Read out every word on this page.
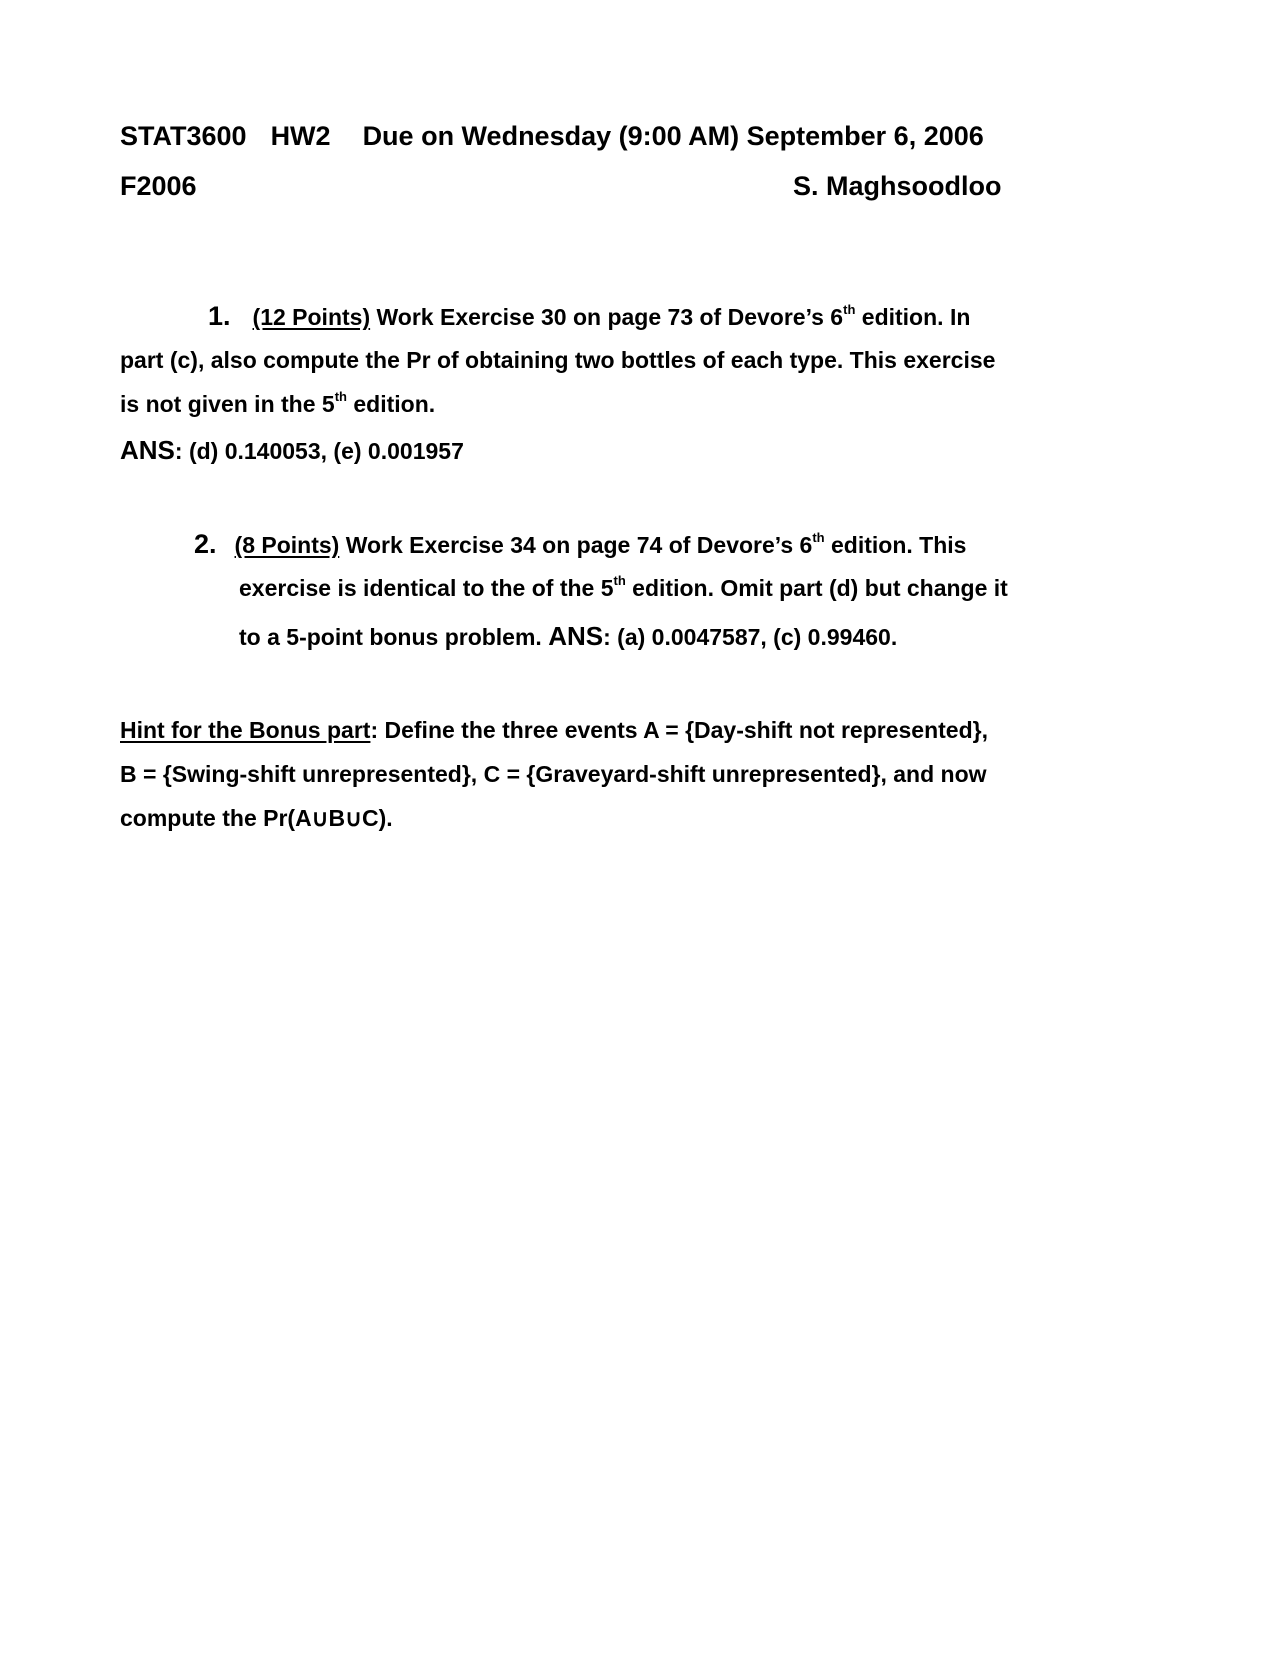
STAT3600 HW2 Due on Wednesday (9:00 AM) September 6, 2006
F2006	S. Maghsoodloo
1. (12 Points) Work Exercise 30 on page 73 of Devore’s 6th edition. In
part (c), also compute the Pr of obtaining two bottles of each type. This exercise
is not given in the 5th edition.
ANS: (d) 0.140053, (e) 0.001957
2. (8 Points) Work Exercise 34 on page 74 of Devore’s 6th edition. This
exercise is identical to the of the 5th edition. Omit part (d) but change it
to a 5-point bonus problem. ANS: (a) 0.0047587, (c) 0.99460.
Hint for the Bonus part: Define the three events A = {Day-shift not represented},
B = {Swing-shift unrepresented}, C = {Graveyard-shift unrepresented}, and now
compute the Pr(A∪B∪C).
